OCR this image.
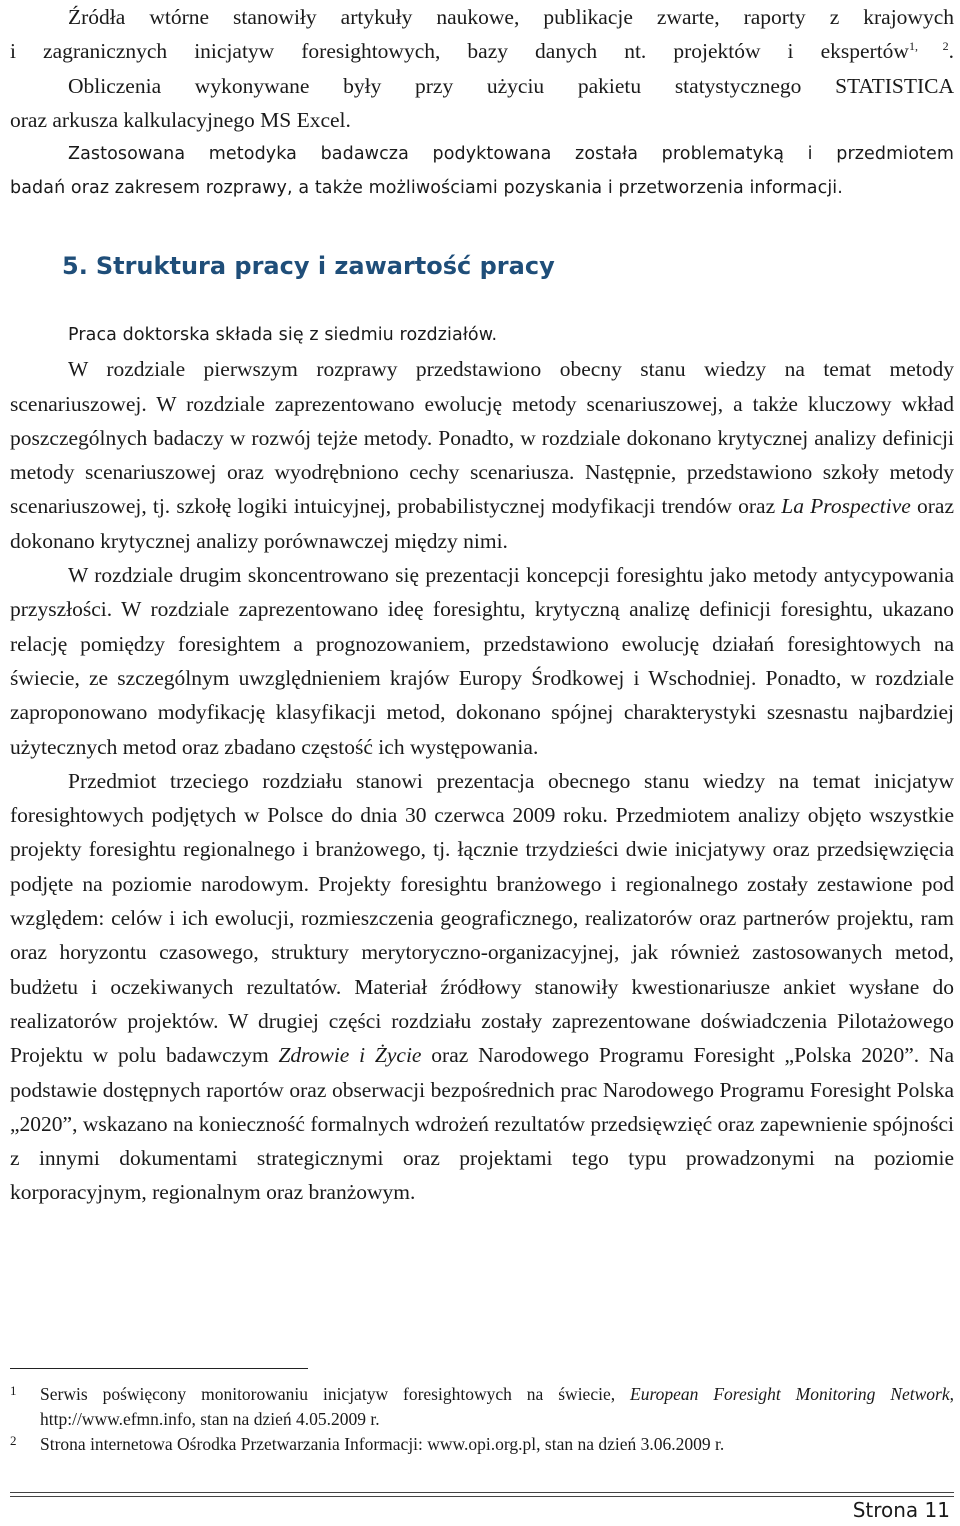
Źródła wtórne stanowiły artykuły naukowe, publikacje zwarte, raporty z krajowych

i zagranicznych inicjatyw foresightowych, bazy danych nt. projektów i ekspertów$^{1, 2}$.

Obliczenia wykonywane były przy użyciu pakietu statystycznego STATISTICA

oraz arkusza kalkulacyjnego MS Excel.

Zastosowana metodyka badawcza podyktowana została problematyką i przedmiotem

badań oraz zakresem rozprawy, a także możliwościami pozyskania i przetworzenia informacji.

5. Struktura pracy i zawartość pracy

Praca doktorska składa się z siedmiu rozdziałów.

W rozdziale pierwszym rozprawy przedstawiono obecny stanu wiedzy na temat metody scenariuszowej. W rozdziale zaprezentowano ewolucję metody scenariuszowej, a także kluczowy wkład poszczególnych badaczy w rozwój tejże metody. Ponadto, w rozdziale dokonano krytycznej analizy definicji metody scenariuszowej oraz wyodrębniono cechy scenariusza. Następnie, przedstawiono szkoły metody scenariuszowej, tj. szkołę logiki intuicyjnej, probabilistycznej modyfikacji trendów oraz La Prospective oraz dokonano krytycznej analizy porównawczej między nimi.

W rozdziale drugim skoncentrowano się prezentacji koncepcji foresightu jako metody antycypowania przyszłości. W rozdziale zaprezentowano ideę foresightu, krytyczną analizę definicji foresightu, ukazano relację pomiędzy foresightem a prognozowaniem, przedstawiono ewolucję działań foresightowych na świecie, ze szczególnym uwzględnieniem krajów Europy Środkowej i Wschodniej. Ponadto, w rozdziale zaproponowano modyfikację klasyfikacji metod, dokonano spójnej charakterystyki szesnastu najbardziej użytecznych metod oraz zbadano częstość ich występowania.

Przedmiot trzeciego rozdziału stanowi prezentacja obecnego stanu wiedzy na temat inicjatyw foresightowych podjętych w Polsce do dnia 30 czerwca 2009 roku. Przedmiotem analizy objęto wszystkie projekty foresightu regionalnego i branżowego, tj. łącznie trzydzieści dwie inicjatywy oraz przedsięwzięcia podjęte na poziomie narodowym. Projekty foresightu branżowego i regionalnego zostały zestawione pod względem: celów i ich ewolucji, rozmieszczenia geograficznego, realizatorów oraz partnerów projektu, ram oraz horyzontu czasowego, struktury merytoryczno-organizacyjnej, jak również zastosowanych metod, budżetu i oczekiwanych rezultatów. Materiał źródłowy stanowiły kwestionariusze ankiet wysłane do realizatorów projektów. W drugiej części rozdziału zostały zaprezentowane doświadczenia Pilotażowego Projektu w polu badawczym Zdrowie i Życie oraz Narodowego Programu Foresight „Polska 2020”. Na podstawie dostępnych raportów oraz obserwacji bezpośrednich prac Narodowego Programu Foresight Polska „2020”, wskazano na konieczność formalnych wdrożeń rezultatów przedsięwzięć oraz zapewnienie spójności z innymi dokumentami strategicznymi oraz projektami tego typu prowadzonymi na poziomie korporacyjnym, regionalnym oraz branżowym.

1	Serwis poświęcony monitorowaniu inicjatyw foresightowych na świecie, European Foresight Monitoring Network, http://www.efmn.info, stan na dzień 4.05.2009 r.
2	Strona internetowa Ośrodka Przetwarzania Informacji: www.opi.org.pl, stan na dzień 3.06.2009 r.
Strona 11
